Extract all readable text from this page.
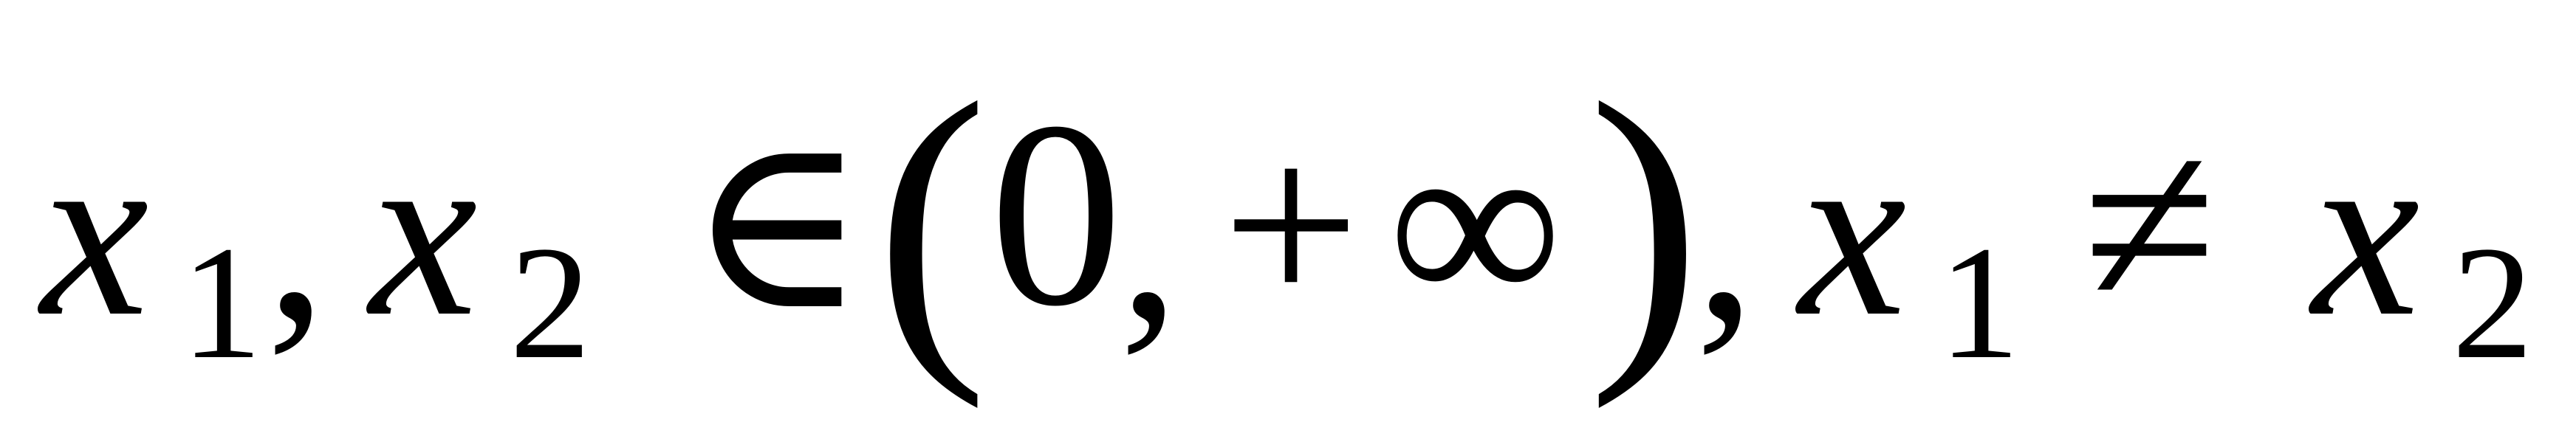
x 1 , x 2 ∈ ( 0
, + ∞ )
, x 1 ≠ x 2
